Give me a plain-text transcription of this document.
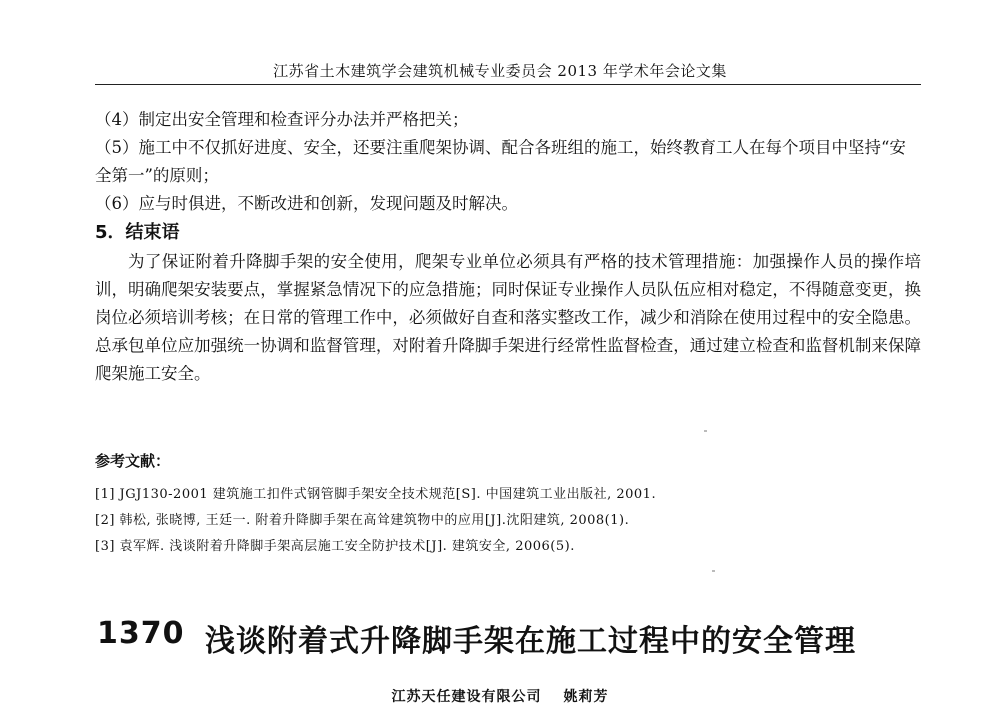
江苏省土木建筑学会建筑机械专业委员会 2013 年学术年会论文集

（4）制定出安全管理和检查评分办法并严格把关；

（5）施工中不仅抓好进度、安全，还要注重爬架协调、配合各班组的施工，始终教育工人在每个项目中坚持“安全第一”的原则；

（6）应与时俱进，不断改进和创新，发现问题及时解决。

5．结束语

为了保证附着升降脚手架的安全使用，爬架专业单位必须具有严格的技术管理措施：加强操作人员的操作培训，明确爬架安装要点，掌握紧急情况下的应急措施；同时保证专业操作人员队伍应相对稳定，不得随意变更，换岗位必须培训考核；在日常的管理工作中，必须做好自查和落实整改工作，减少和消除在使用过程中的安全隐患。总承包单位应加强统一协调和监督管理，对附着升降脚手架进行经常性监督检查，通过建立检查和监督机制来保障爬架施工安全。

参考文献：
[1] JGJ130-2001 建筑施工扣件式钢管脚手架安全技术规范[S]. 中国建筑工业出版社, 2001.
[2] 韩松, 张晓博, 王廷一. 附着升降脚手架在高耸建筑物中的应用[J].沈阳建筑, 2008(1).
[3] 袁军辉. 浅谈附着升降脚手架高层施工安全防护技术[J]. 建筑安全, 2006(5).
1370 浅谈附着式升降脚手架在施工过程中的安全管理
江苏天任建设有限公司 姚莉芳
